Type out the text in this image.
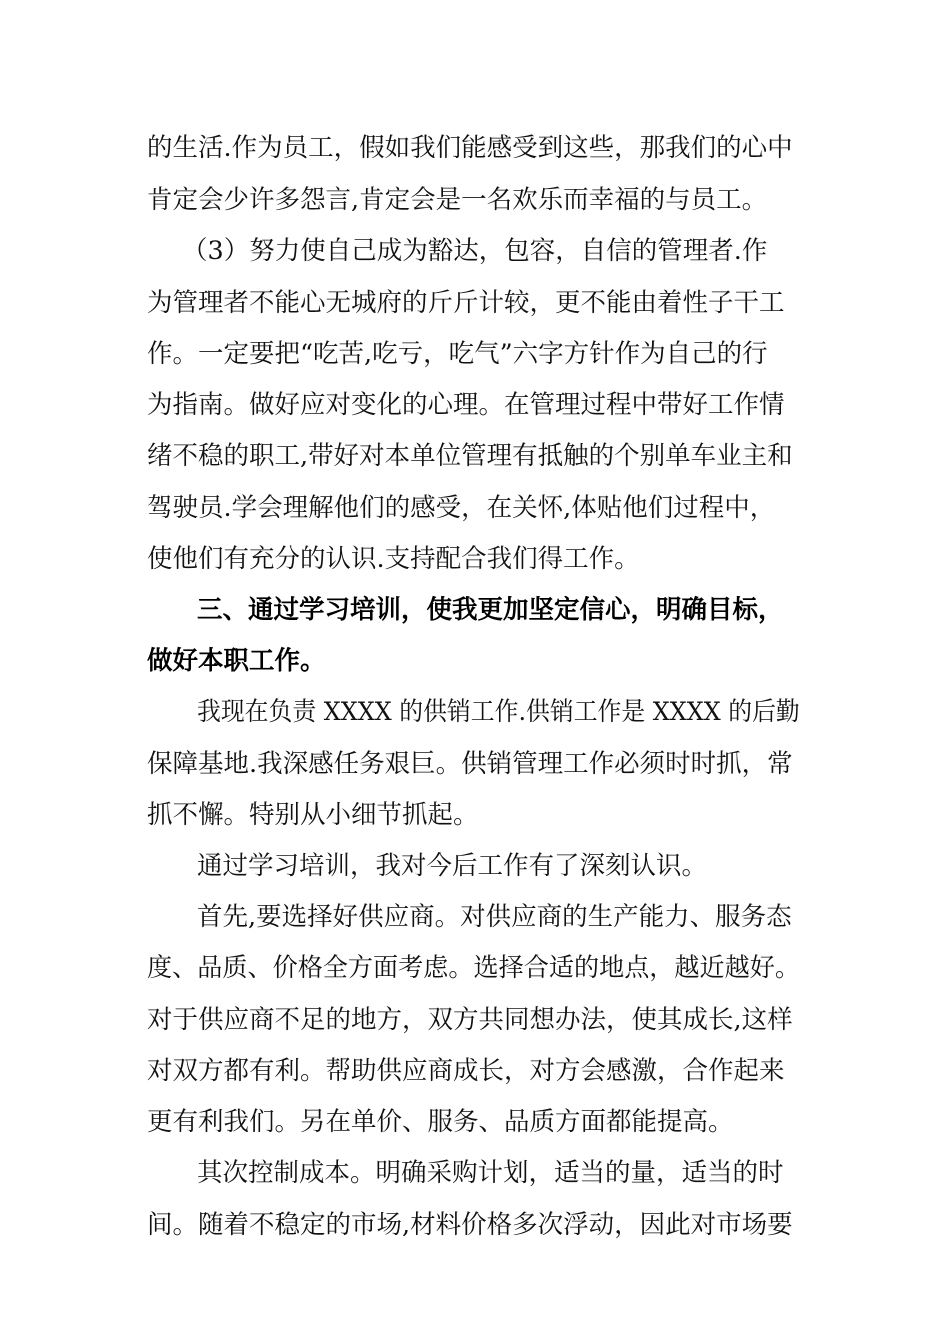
的生活.作为员工，假如我们能感受到这些，那我们的心中
肯定会少许多怨言,肯定会是一名欢乐而幸福的与员工。
（3）努力使自己成为豁达，包容，自信的管理者.作
为管理者不能心无城府的斤斤计较，更不能由着性子干工
作。一定要把“吃苦,吃亏，吃气”六字方针作为自己的行
为指南。做好应对变化的心理。在管理过程中带好工作情
绪不稳的职工,带好对本单位管理有抵触的个别单车业主和
驾驶员.学会理解他们的感受，在关怀,体贴他们过程中，
使他们有充分的认识.支持配合我们得工作。
三、通过学习培训，使我更加坚定信心，明确目标，
做好本职工作。
我现在负责 XXXX 的供销工作.供销工作是 XXXX 的后勤
保障基地.我深感任务艰巨。供销管理工作必须时时抓，常
抓不懈。特别从小细节抓起。
通过学习培训，我对今后工作有了深刻认识。
首先,要选择好供应商。对供应商的生产能力、服务态
度、品质、价格全方面考虑。选择合适的地点，越近越好。
对于供应商不足的地方，双方共同想办法，使其成长,这样
对双方都有利。帮助供应商成长，对方会感激，合作起来
更有利我们。另在单价、服务、品质方面都能提高。
其次控制成本。明确采购计划，适当的量，适当的时
间。随着不稳定的市场,材料价格多次浮动，因此对市场要
